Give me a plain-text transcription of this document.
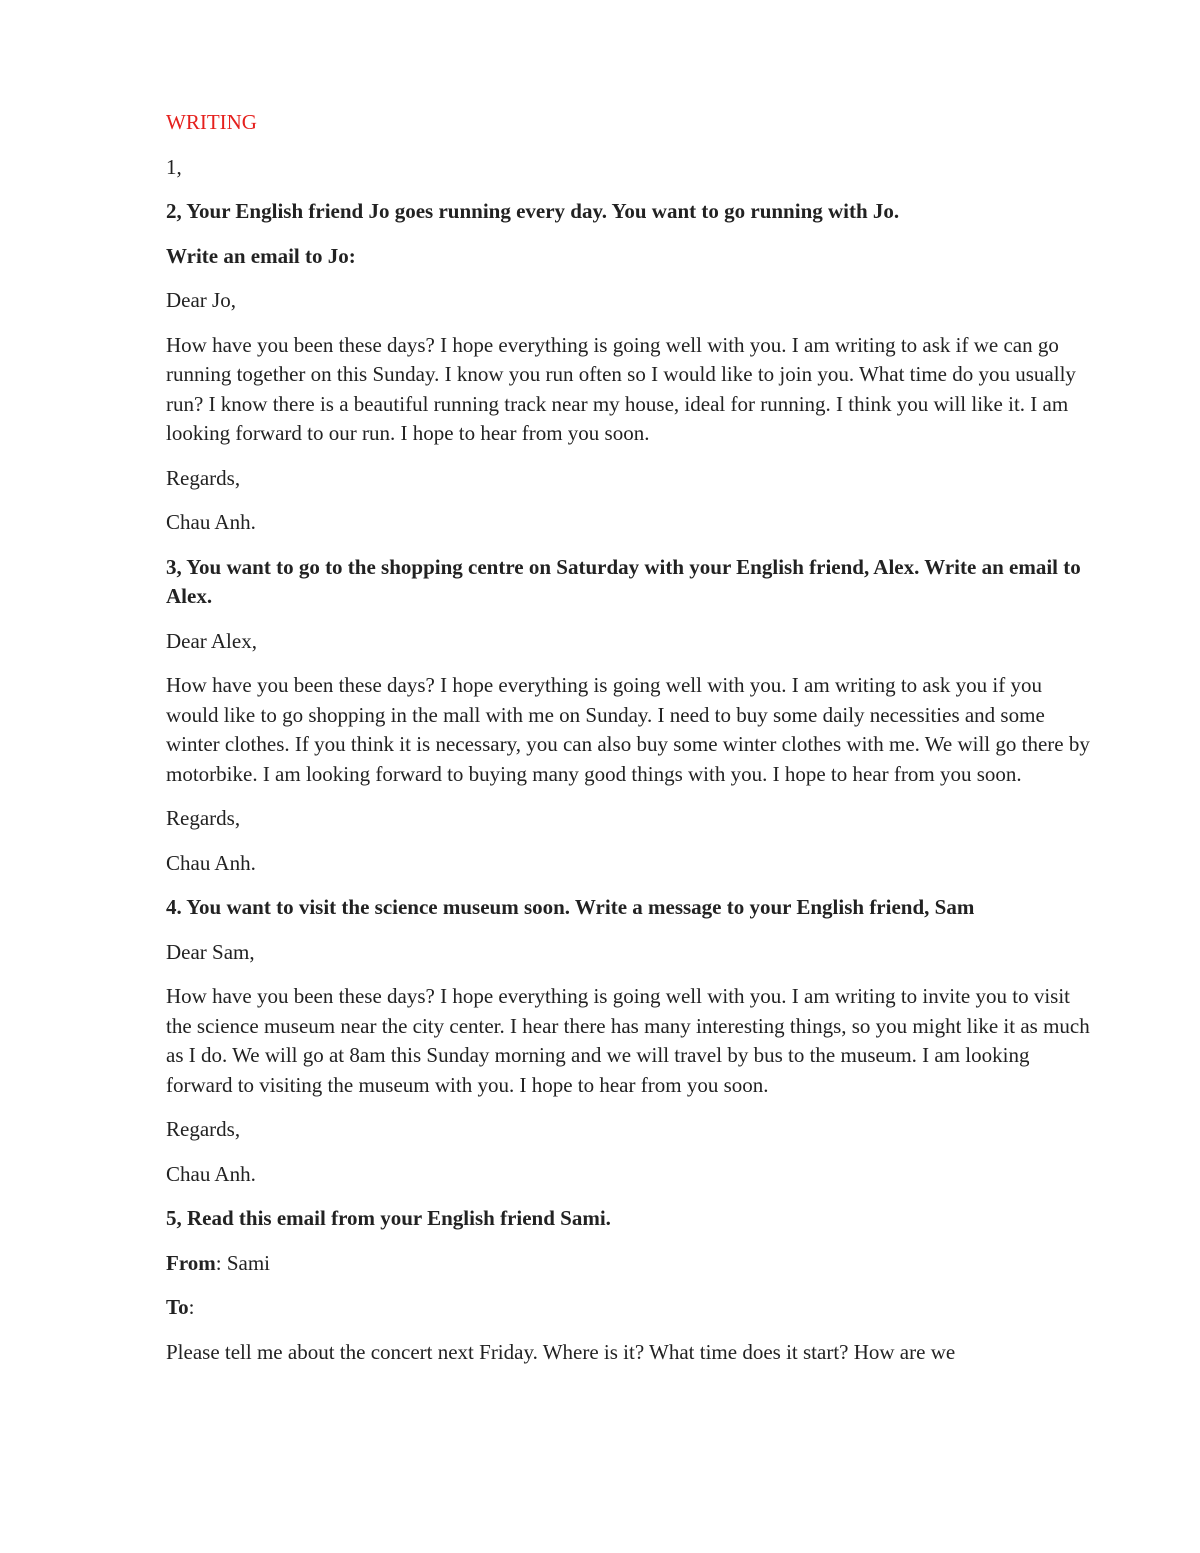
WRITING

1,

2, Your English friend Jo goes running every day. You want to go running with Jo.

Write an email to Jo:

Dear Jo,

How have you been these days? I hope everything is going well with you. I am writing to ask if we can go running together on this Sunday. I know you run often so I would like to join you. What time do you usually run? I know there is a beautiful running track near my house, ideal for running. I think you will like it. I am looking forward to our run. I hope to hear from you soon.

Regards,

Chau Anh.

3, You want to go to the shopping centre on Saturday with your English friend, Alex. Write an email to Alex.

Dear Alex,

How have you been these days? I hope everything is going well with you. I am writing to ask you if you would like to go shopping in the mall with me on Sunday. I need to buy some daily necessities and some winter clothes. If you think it is necessary, you can also buy some winter clothes with me. We will go there by motorbike. I am looking forward to buying many good things with you. I hope to hear from you soon.

Regards,

Chau Anh.

4. You want to visit the science museum soon. Write a message to your English friend, Sam

Dear Sam,

How have you been these days? I hope everything is going well with you. I am writing to invite you to visit the science museum near the city center. I hear there has many interesting things, so you might like it as much as I do. We will go at 8am this Sunday morning and we will travel by bus to the museum. I am looking forward to visiting the museum with you. I hope to hear from you soon.

Regards,

Chau Anh.

5, Read this email from your English friend Sami.

From: Sami

To:

Please tell me about the concert next Friday. Where is it? What time does it start? How are we
